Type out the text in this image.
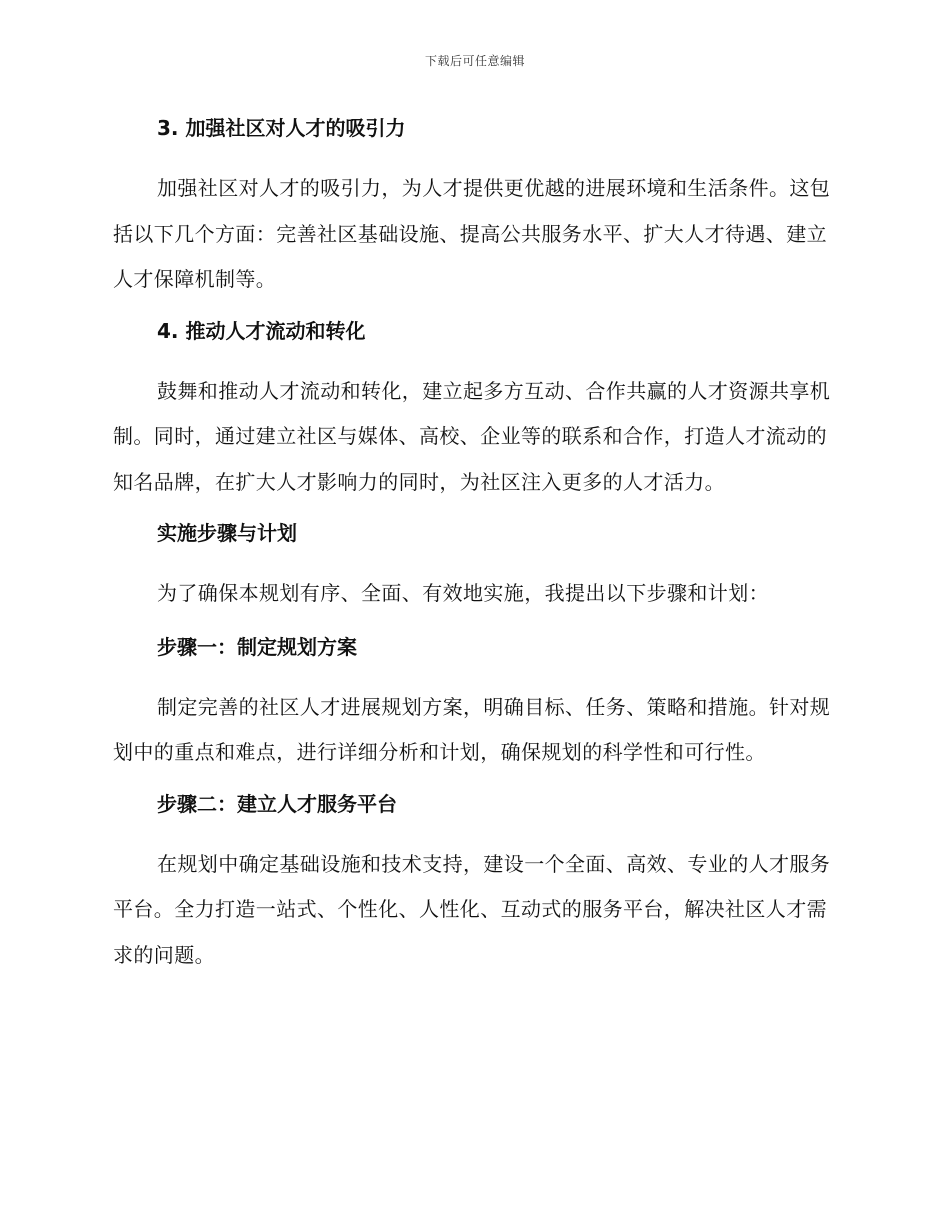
下载后可任意编辑
3. 加强社区对人才的吸引力
加强社区对人才的吸引力，为人才提供更优越的进展环境和生活条件。这包括以下几个方面：完善社区基础设施、提高公共服务水平、扩大人才待遇、建立人才保障机制等。
4. 推动人才流动和转化
鼓舞和推动人才流动和转化，建立起多方互动、合作共赢的人才资源共享机制。同时，通过建立社区与媒体、高校、企业等的联系和合作，打造人才流动的知名品牌，在扩大人才影响力的同时，为社区注入更多的人才活力。
实施步骤与计划
为了确保本规划有序、全面、有效地实施，我提出以下步骤和计划：
步骤一：制定规划方案
制定完善的社区人才进展规划方案，明确目标、任务、策略和措施。针对规划中的重点和难点，进行详细分析和计划，确保规划的科学性和可行性。
步骤二：建立人才服务平台
在规划中确定基础设施和技术支持，建设一个全面、高效、专业的人才服务平台。全力打造一站式、个性化、人性化、互动式的服务平台，解决社区人才需求的问题。
